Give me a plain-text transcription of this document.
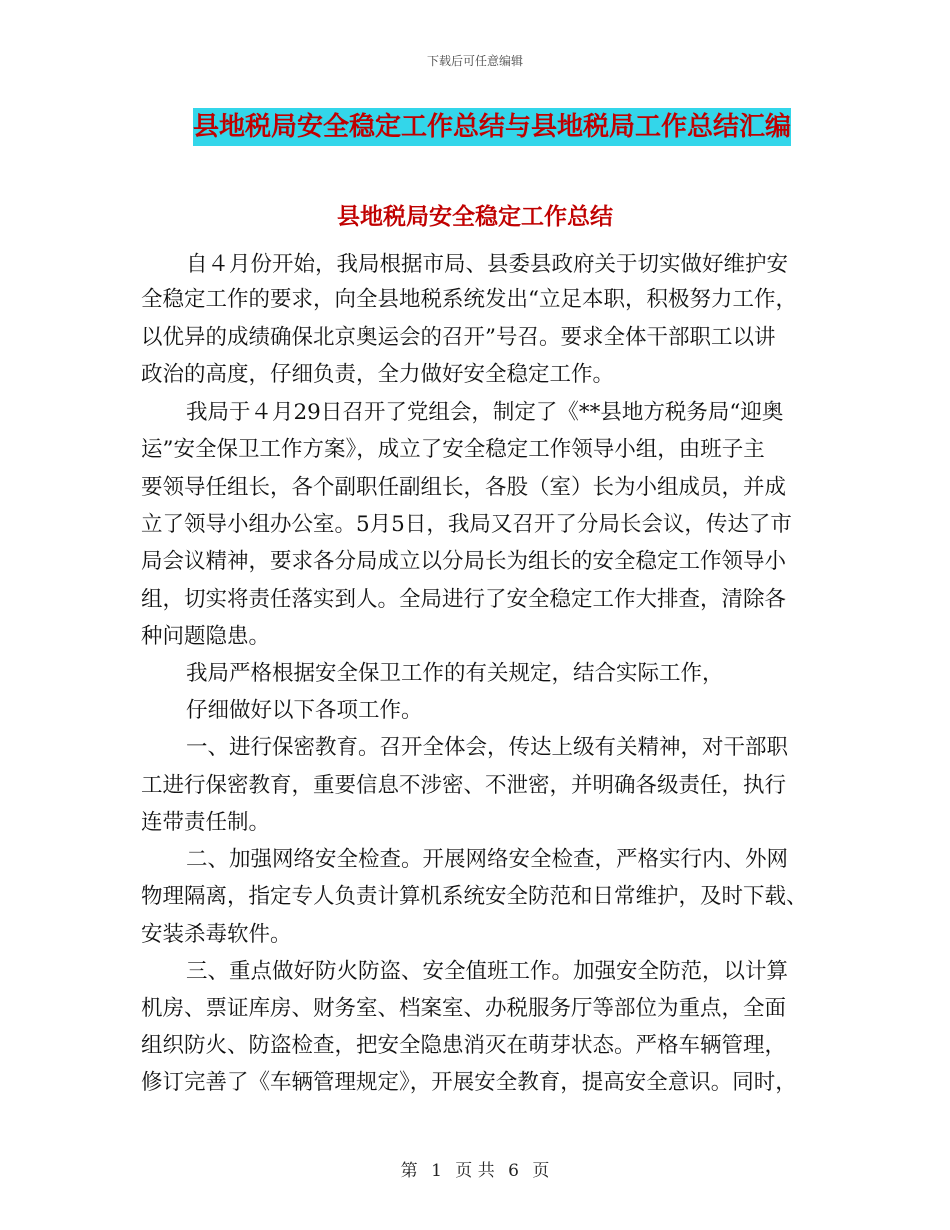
下载后可任意编辑
县地税局安全稳定工作总结与县地税局工作总结汇编
县地税局安全稳定工作总结
自４月份开始，我局根据市局、县委县政府关于切实做好维护安
全稳定工作的要求，向全县地税系统发出“立足本职，积极努力工作，
以优异的成绩确保北京奥运会的召开”号召。要求全体干部职工以讲
政治的高度，仔细负责，全力做好安全稳定工作。
我局于４月29日召开了党组会，制定了《**县地方税务局“迎奥
运”安全保卫工作方案》，成立了安全稳定工作领导小组，由班子主
要领导任组长，各个副职任副组长，各股（室）长为小组成员，并成
立了领导小组办公室。5月5日，我局又召开了分局长会议，传达了市
局会议精神，要求各分局成立以分局长为组长的安全稳定工作领导小
组，切实将责任落实到人。全局进行了安全稳定工作大排查，清除各
种问题隐患。
我局严格根据安全保卫工作的有关规定，结合实际工作，
仔细做好以下各项工作。
一、进行保密教育。召开全体会，传达上级有关精神，对干部职
工进行保密教育，重要信息不涉密、不泄密，并明确各级责任，执行
连带责任制。
二、加强网络安全检查。开展网络安全检查，严格实行内、外网
物理隔离，指定专人负责计算机系统安全防范和日常维护，及时下载、
安装杀毒软件。
三、重点做好防火防盗、安全值班工作。加强安全防范，以计算
机房、票证库房、财务室、档案室、办税服务厅等部位为重点，全面
组织防火、防盗检查，把安全隐患消灭在萌芽状态。严格车辆管理，
修订完善了《车辆管理规定》，开展安全教育，提高安全意识。同时，
第 1 页 共 6 页
